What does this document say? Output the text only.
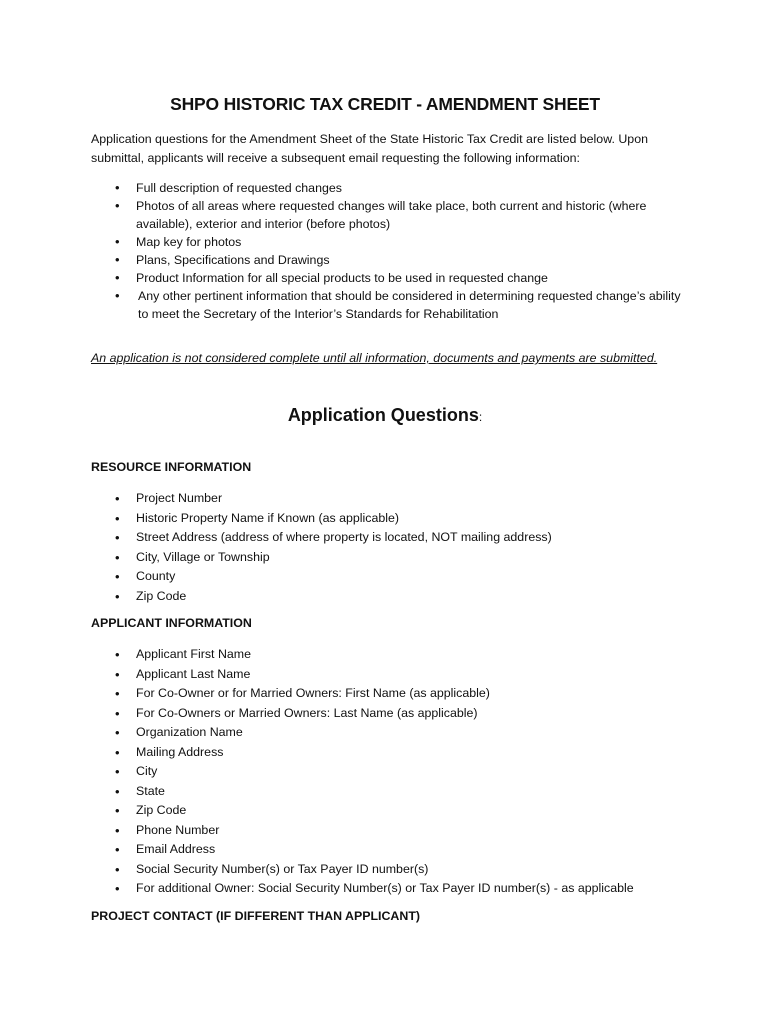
SHPO HISTORIC TAX CREDIT - AMENDMENT SHEET
Application questions for the Amendment Sheet of the State Historic Tax Credit are listed below. Upon submittal, applicants will receive a subsequent email requesting the following information:
• Full description of requested changes
• Photos of all areas where requested changes will take place, both current and historic (where available), exterior and interior (before photos)
• Map key for photos
• Plans, Specifications and Drawings
• Product Information for all special products to be used in requested change
• Any other pertinent information that should be considered in determining requested change’s ability to meet the Secretary of the Interior’s Standards for Rehabilitation
An application is not considered complete until all information, documents and payments are submitted.
Application Questions:
RESOURCE INFORMATION
• Project Number
• Historic Property Name if Known (as applicable)
• Street Address (address of where property is located, NOT mailing address)
• City, Village or Township
• County
• Zip Code
APPLICANT INFORMATION
• Applicant First Name
• Applicant Last Name
• For Co-Owner or for Married Owners: First Name (as applicable)
• For Co-Owners or Married Owners: Last Name (as applicable)
• Organization Name
• Mailing Address
• City
• State
• Zip Code
• Phone Number
• Email Address
• Social Security Number(s) or Tax Payer ID number(s)
• For additional Owner: Social Security Number(s) or Tax Payer ID number(s) - as applicable
PROJECT CONTACT (IF DIFFERENT THAN APPLICANT)
